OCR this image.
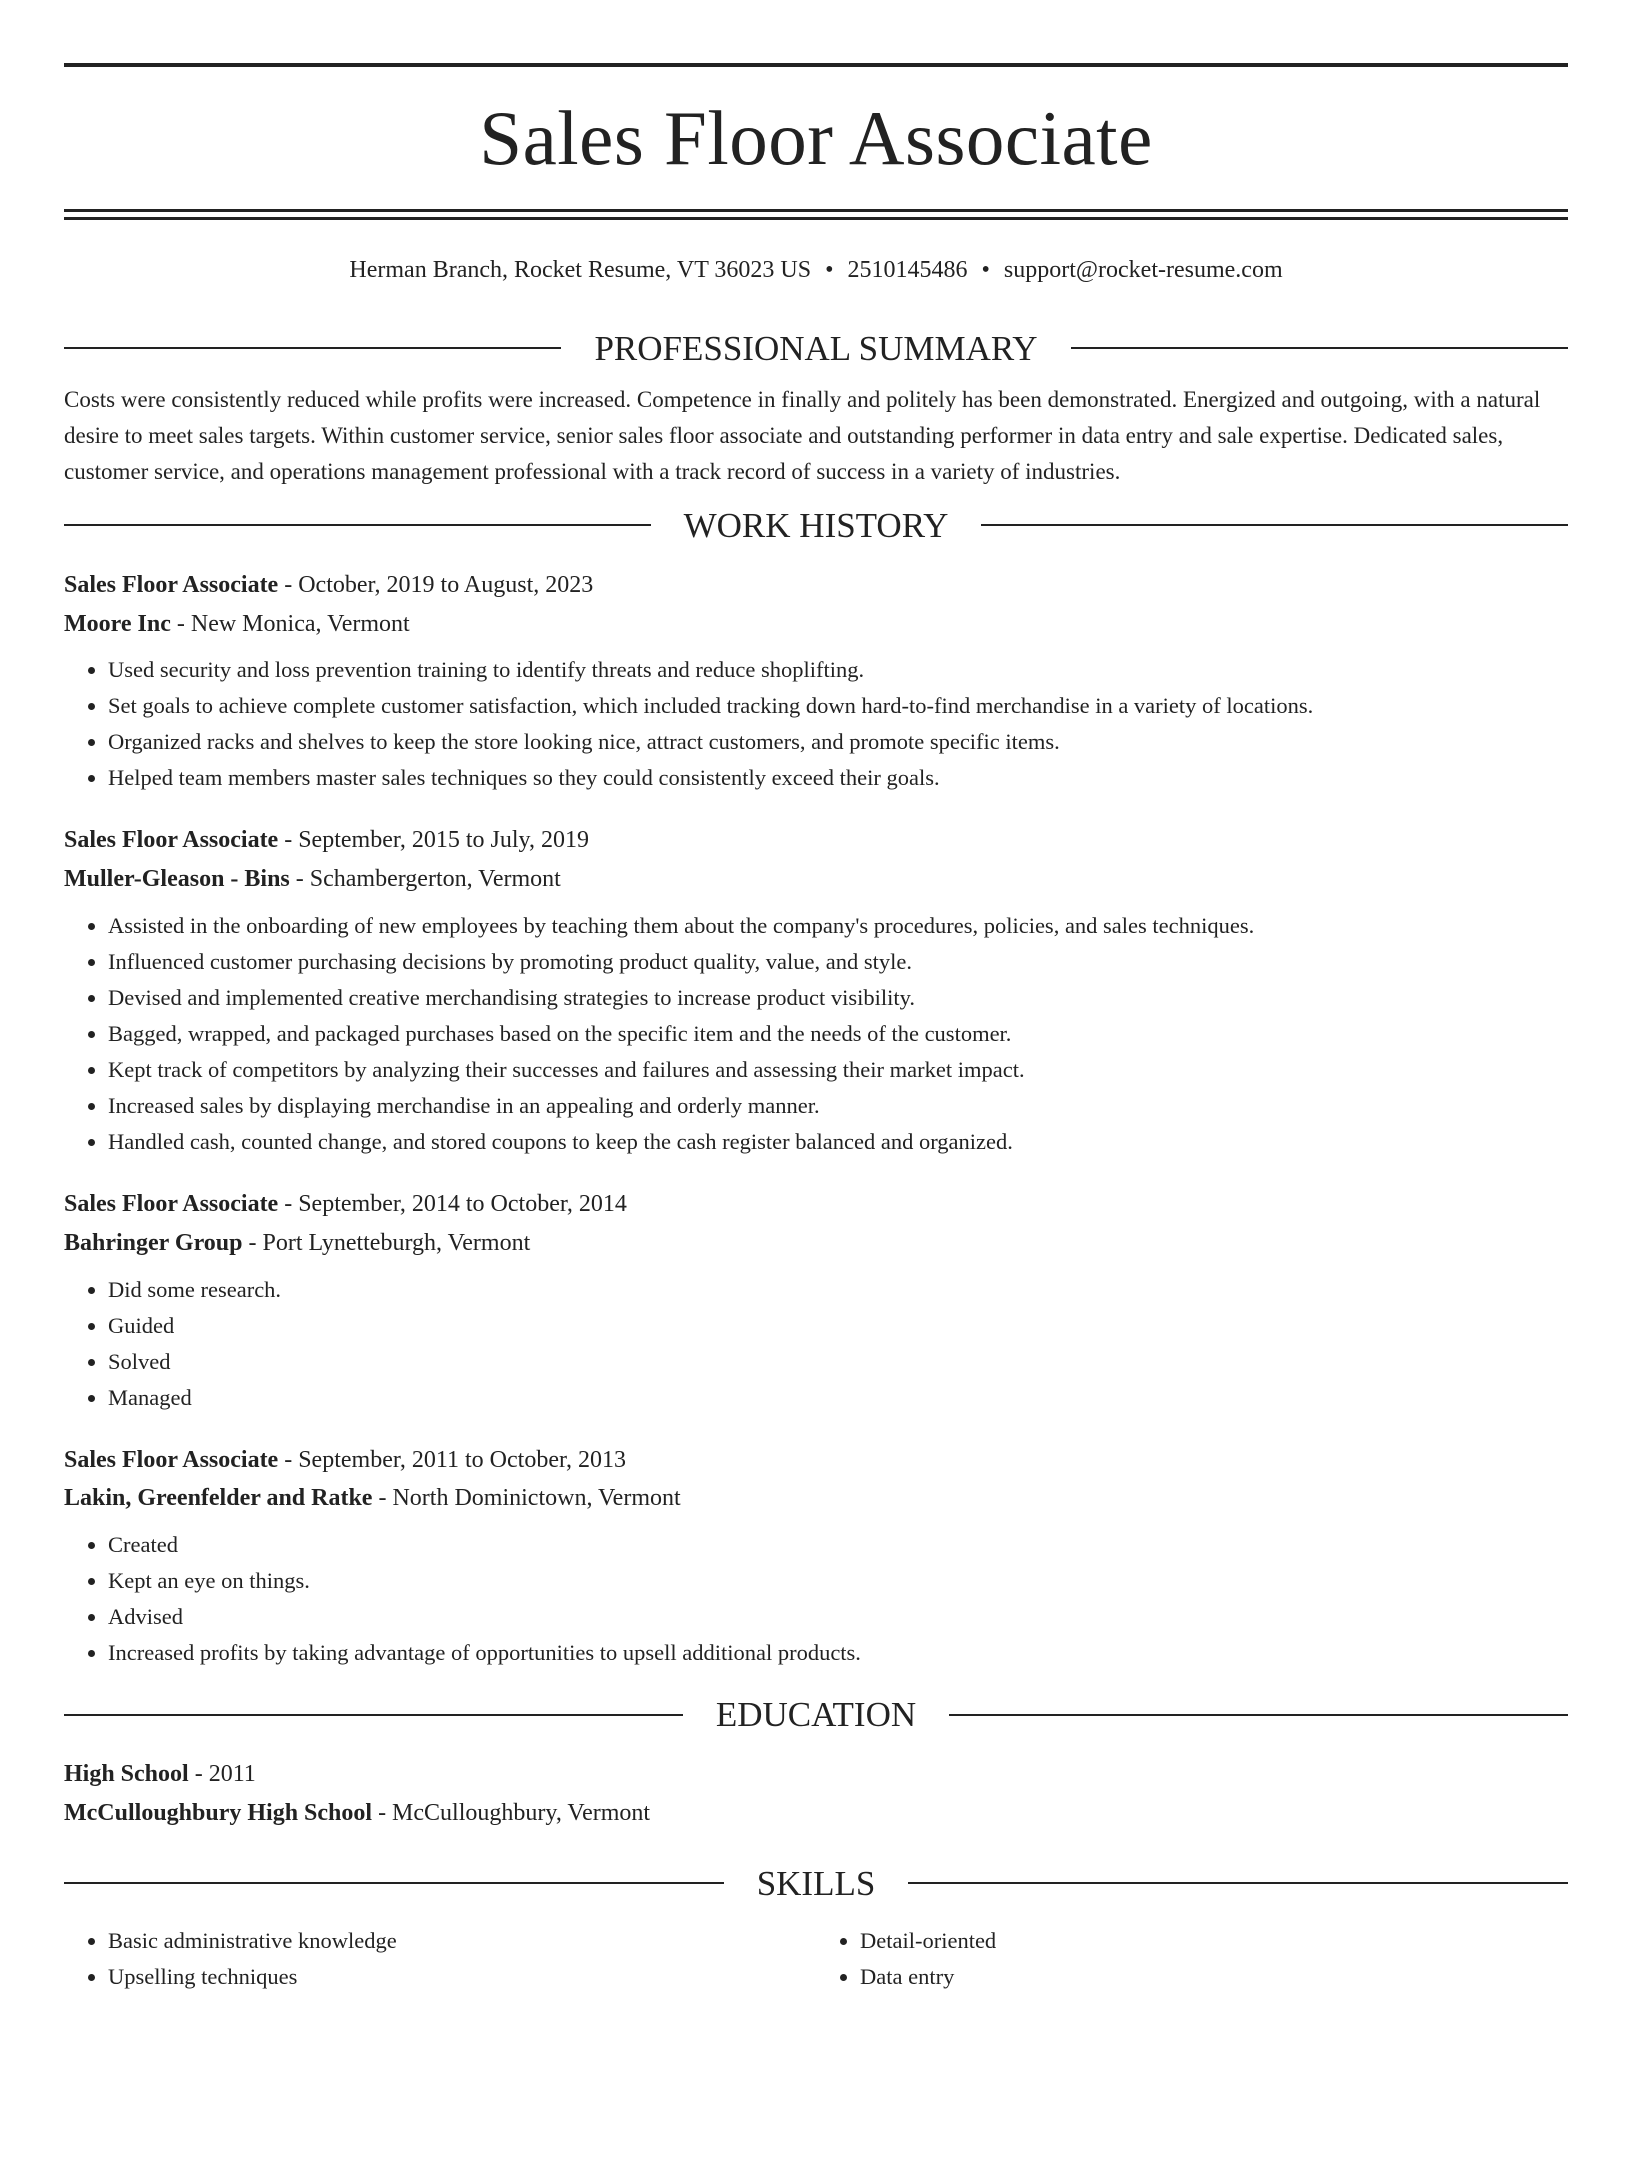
Sales Floor Associate
Herman Branch, Rocket Resume, VT 36023 US • 2510145486 • support@rocket-resume.com
PROFESSIONAL SUMMARY
Costs were consistently reduced while profits were increased. Competence in finally and politely has been demonstrated. Energized and outgoing, with a natural desire to meet sales targets. Within customer service, senior sales floor associate and outstanding performer in data entry and sale expertise. Dedicated sales, customer service, and operations management professional with a track record of success in a variety of industries.
WORK HISTORY
Sales Floor Associate - October, 2019 to August, 2023
Moore Inc - New Monica, Vermont
• Used security and loss prevention training to identify threats and reduce shoplifting.
• Set goals to achieve complete customer satisfaction, which included tracking down hard-to-find merchandise in a variety of locations.
• Organized racks and shelves to keep the store looking nice, attract customers, and promote specific items.
• Helped team members master sales techniques so they could consistently exceed their goals.
Sales Floor Associate - September, 2015 to July, 2019
Muller-Gleason - Bins - Schambergerton, Vermont
• Assisted in the onboarding of new employees by teaching them about the company's procedures, policies, and sales techniques.
• Influenced customer purchasing decisions by promoting product quality, value, and style.
• Devised and implemented creative merchandising strategies to increase product visibility.
• Bagged, wrapped, and packaged purchases based on the specific item and the needs of the customer.
• Kept track of competitors by analyzing their successes and failures and assessing their market impact.
• Increased sales by displaying merchandise in an appealing and orderly manner.
• Handled cash, counted change, and stored coupons to keep the cash register balanced and organized.
Sales Floor Associate - September, 2014 to October, 2014
Bahringer Group - Port Lynetteburgh, Vermont
• Did some research.
• Guided
• Solved
• Managed
Sales Floor Associate - September, 2011 to October, 2013
Lakin, Greenfelder and Ratke - North Dominictown, Vermont
• Created
• Kept an eye on things.
• Advised
• Increased profits by taking advantage of opportunities to upsell additional products.
EDUCATION
High School - 2011
McCulloughbury High School - McCulloughbury, Vermont
SKILLS
• Basic administrative knowledge
• Upselling techniques
• Detail-oriented
• Data entry
